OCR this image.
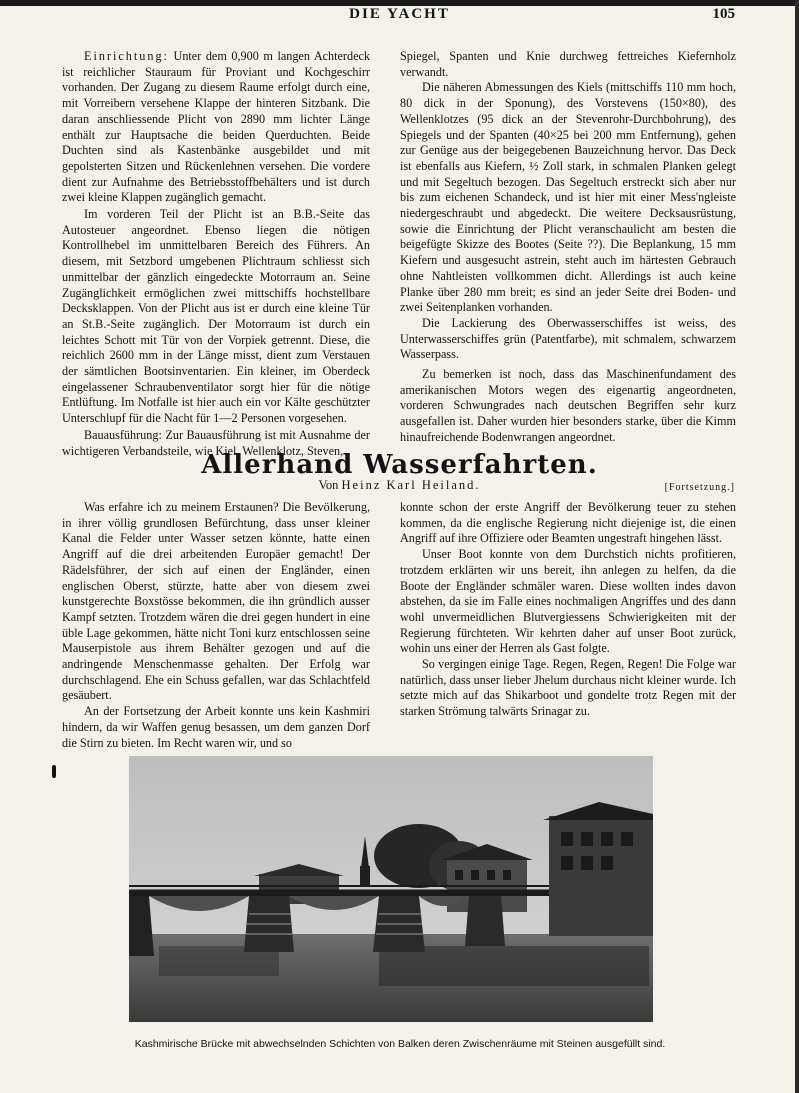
DIE YACHT	105

Einrichtung: Unter dem 0,900 m langen Achterdeck ist reichlicher Stauraum für Proviant und Kochgeschirr vorhanden. Der Zugang zu diesem Raume erfolgt durch eine, mit Vorreibern versehene Klappe der hinteren Sitzbank. Die daran anschliessende Plicht von 2890 mm lichter Länge enthält zur Hauptsache die beiden Querduchten. Beide Duchten sind als Kastenbänke ausgebildet und mit gepolsterten Sitzen und Rückenlehnen versehen. Die vordere dient zur Aufnahme des Betriebsstoffbehälters und ist durch zwei kleine Klappen zugänglich gemacht.

Im vorderen Teil der Plicht ist an B.B.-Seite das Autosteuer angeordnet. Ebenso liegen die nötigen Kontrollhebel im unmittelbaren Bereich des Führers. An diesem, mit Setzbord umgebenen Plichtraum schliesst sich unmittelbar der gänzlich eingedeckte Motorraum an. Seine Zugänglichkeit ermöglichen zwei mittschiffs hochstellbare Decksklappen. Von der Plicht aus ist er durch eine kleine Tür an St.B.-Seite zugänglich. Der Motorraum ist durch ein leichtes Schott mit Tür von der Vorpiek getrennt. Diese, die reichlich 2600 mm in der Länge misst, dient zum Verstauen der sämtlichen Bootsinventarien. Ein kleiner, im Oberdeck eingelassener Schraubenventilator sorgt hier für die nötige Entlüftung. Im Notfalle ist hier auch ein vor Kälte geschützter Unterschlupf für die Nacht für 1—2 Personen vorgesehen.

Bauausführung: Zur Bauausführung ist mit Ausnahme der wichtigeren Verbandsteile, wie Kiel, Wellenklotz, Steven,

Spiegel, Spanten und Knie durchweg fettreiches Kiefernholz verwandt.

Die näheren Abmessungen des Kiels (mittschiffs 110 mm hoch, 80 dick in der Sponung), des Vorstevens (150×80), des Wellenklotzes (95 dick an der Stevenrohr-Durchbohrung), des Spiegels und der Spanten (40×25 bei 200 mm Entfernung), gehen zur Genüge aus der beigegebenen Bauzeichnung hervor. Das Deck ist ebenfalls aus Kiefern, ½ Zoll stark, in schmalen Planken gelegt und mit Segeltuch bezogen. Das Segeltuch erstreckt sich aber nur bis zum eichenen Schandeck, und ist hier mit einer Mess'ngleiste niedergeschraubt und abgedeckt. Die weitere Decksausrüstung, sowie die Einrichtung der Plicht veranschaulicht am besten die beigefügte Skizze des Bootes (Seite ??). Die Beplankung, 15 mm Kiefern und ausgesucht astrein, steht auch im härtesten Gebrauch ohne Nahtleisten vollkommen dicht. Allerdings ist auch keine Planke über 280 mm breit; es sind an jeder Seite drei Boden- und zwei Seitenplanken vorhanden.

Die Lackierung des Oberwasserschiffes ist weiss, des Unterwasserschiffes grün (Patentfarbe), mit schmalem, schwarzem Wasserpass.

Zu bemerken ist noch, dass das Maschinenfundament des amerikanischen Motors wegen des eigenartig angeordneten, vorderen Schwungrades nach deutschen Begriffen sehr kurz ausgefallen ist. Daher wurden hier besonders starke, über die Kimm hinaufreichende Bodenwrangen angeordnet.

Allerhand Wasserfahrten.
Von Heinz Karl Heiland.	[Fortsetzung.]

Was erfahre ich zu meinem Erstaunen? Die Bevölkerung, in ihrer völlig grundlosen Befürchtung, dass unser kleiner Kanal die Felder unter Wasser setzen könnte, hatte einen Angriff auf die drei arbeitenden Europäer gemacht! Der Rädelsführer, der sich auf einen der Engländer, einen englischen Oberst, stürzte, hatte aber von diesem zwei kunstgerechte Boxstösse bekommen, die ihn gründlich ausser Kampf setzten. Trotzdem wären die drei gegen hundert in eine üble Lage gekommen, hätte nicht Toni kurz entschlossen seine Mauserpistole aus ihrem Behälter gezogen und auf die andringende Menschenmasse gehalten. Der Erfolg war durchschlagend. Ehe ein Schuss gefallen, war das Schlachtfeld gesäubert.

An der Fortsetzung der Arbeit konnte uns kein Kashmiri hindern, da wir Waffen genug besassen, um dem ganzen Dorf die Stirn zu bieten. Im Recht waren wir, und so

konnte schon der erste Angriff der Bevölkerung teuer zu stehen kommen, da die englische Regierung nicht diejenige ist, die einen Angriff auf ihre Offiziere oder Beamten ungestraft hingehen lässt.

Unser Boot konnte von dem Durchstich nichts profitieren, trotzdem erklärten wir uns bereit, ihn anlegen zu helfen, da die Boote der Engländer schmäler waren. Diese wollten indes davon abstehen, da sie im Falle eines nochmaligen Angriffes und des dann wohl unvermeidlichen Blutvergiessens Schwierigkeiten mit der Regierung fürchteten. Wir kehrten daher auf unser Boot zurück, wohin uns einer der Herren als Gast folgte.

So vergingen einige Tage. Regen, Regen, Regen! Die Folge war natürlich, dass unser lieber Jhelum durchaus nicht kleiner wurde. Ich setzte mich auf das Shikarboot und gondelte trotz Regen mit der starken Strömung talwärts Srinagar zu.

Kashmirische Brücke mit abwechselnden Schichten von Balken deren Zwischenräume mit Steinen ausgefüllt sind.
